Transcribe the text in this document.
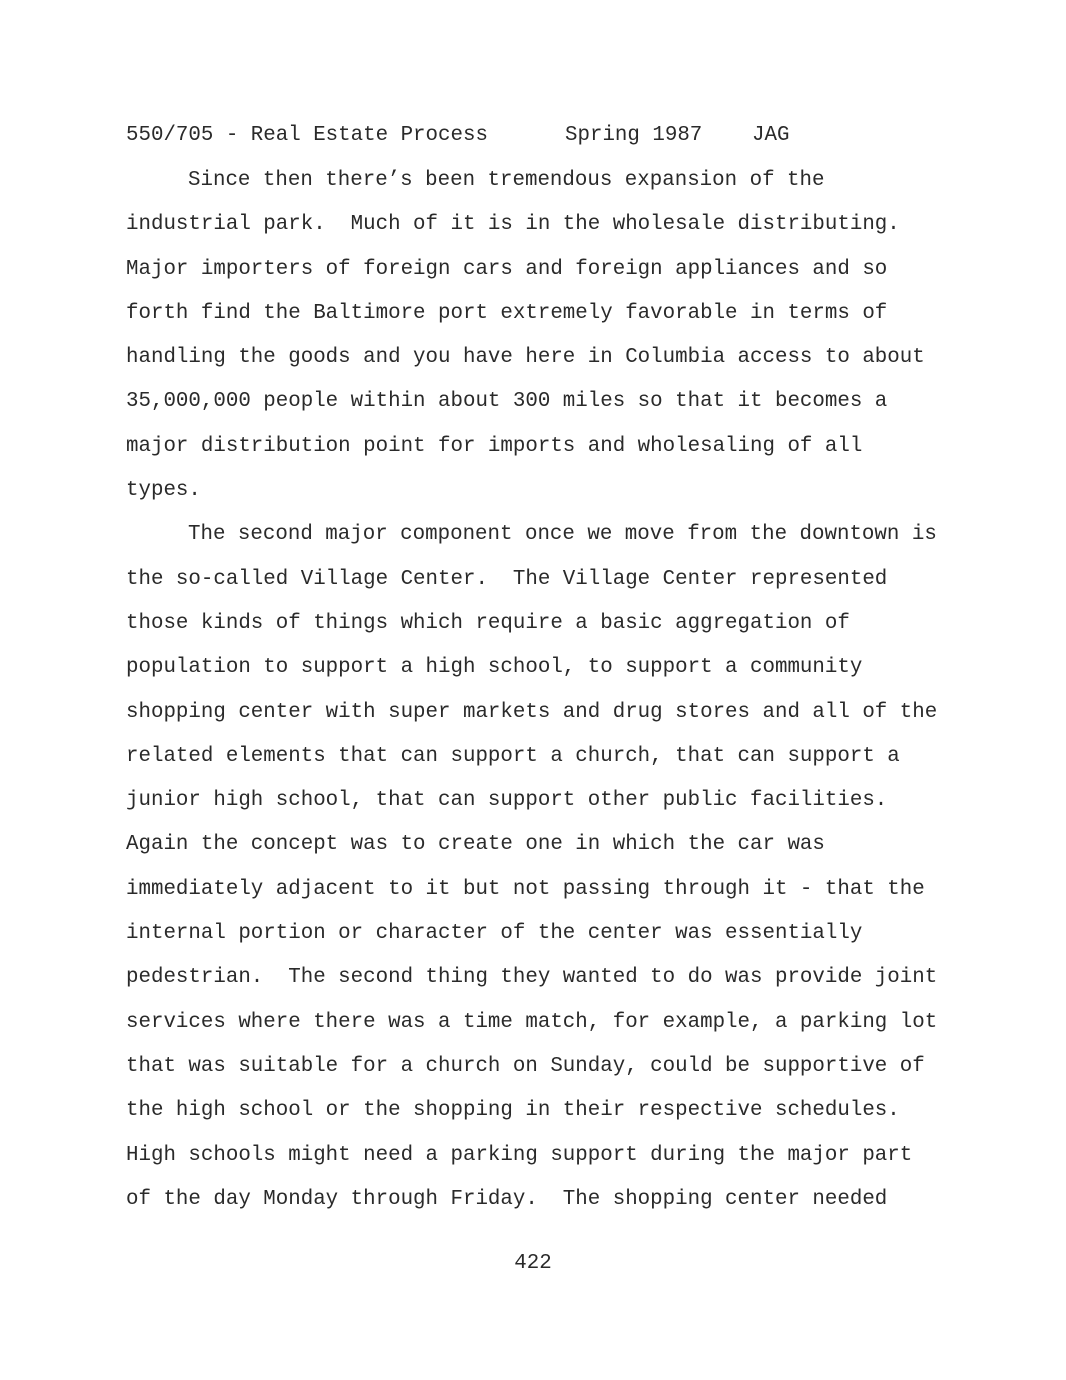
550/705 - Real Estate Process	Spring 1987 JAG
Since then there’s been tremendous expansion of the
industrial park.  Much of it is in the wholesale distributing.
Major importers of foreign cars and foreign appliances and so
forth find the Baltimore port extremely favorable in terms of
handling the goods and you have here in Columbia access to about
35,000,000 people within about 300 miles so that it becomes a
major distribution point for imports and wholesaling of all
types.
The second major component once we move from the downtown is
the so-called Village Center.  The Village Center represented
those kinds of things which require a basic aggregation of
population to support a high school, to support a community
shopping center with super markets and drug stores and all of the
related elements that can support a church, that can support a
junior high school, that can support other public facilities.
Again the concept was to create one in which the car was
immediately adjacent to it but not passing through it - that the
internal portion or character of the center was essentially
pedestrian.  The second thing they wanted to do was provide joint
services where there was a time match, for example, a parking lot
that was suitable for a church on Sunday, could be supportive of
the high school or the shopping in their respective schedules.
High schools might need a parking support during the major part
of the day Monday through Friday.  The shopping center needed
422
